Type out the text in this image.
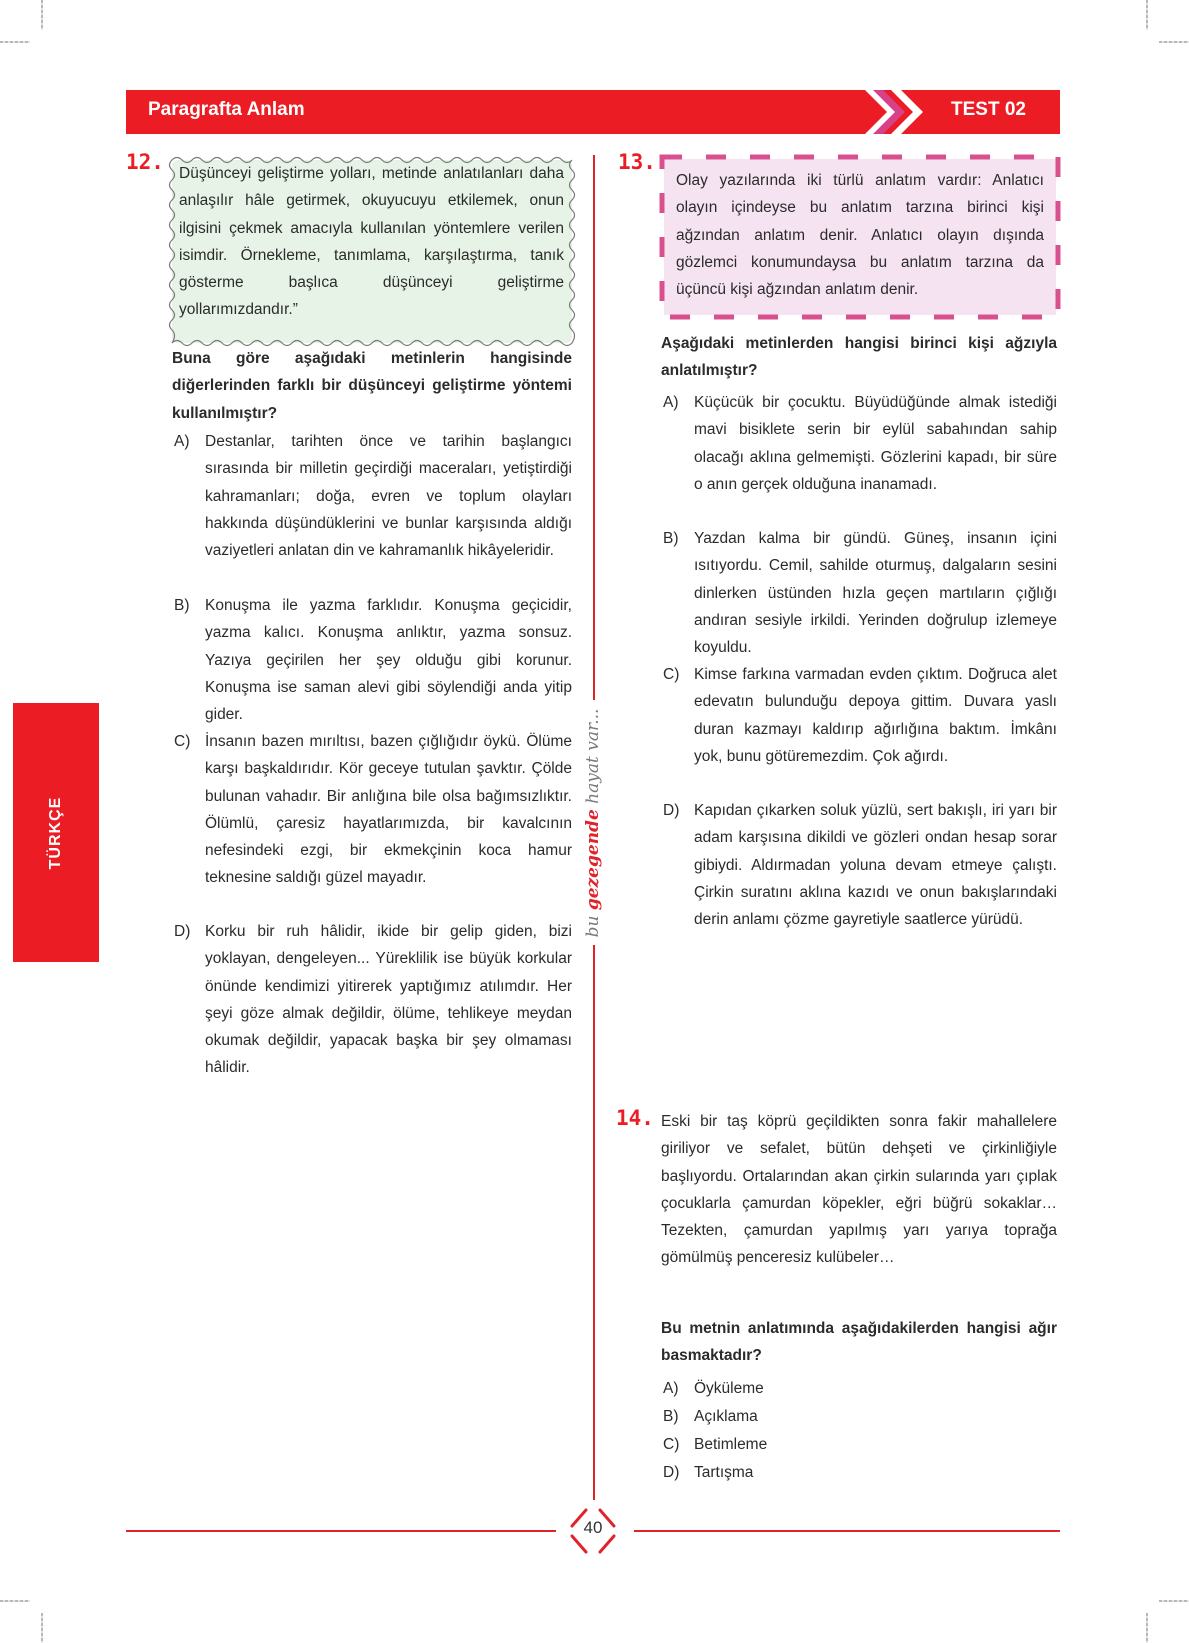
Paragrafta Anlam	TEST 02
TÜRKÇE
bu gezegende hayat var...
12. Düşünceyi geliştirme yolları, metinde anlatılanları daha anlaşılır hâle getirmek, okuyucuyu etkilemek, onun ilgisini çekmek amacıyla kullanılan yöntemlere verilen isimdir. Örnekleme, tanımlama, karşılaştırma, tanık gösterme başlıca düşünceyi geliştirme yollarımızdandır.”
Buna göre aşağıdaki metinlerin hangisinde diğerlerinden farklı bir düşünceyi geliştirme yöntemi kullanılmıştır?
A) Destanlar, tarihten önce ve tarihin başlangıcı sırasında bir milletin geçirdiği maceraları, yetiştirdiği kahramanları; doğa, evren ve toplum olayları hakkında düşündüklerini ve bunlar karşısında aldığı vaziyetleri anlatan din ve kahramanlık hikâyeleridir.
B) Konuşma ile yazma farklıdır. Konuşma geçicidir, yazma kalıcı. Konuşma anlıktır, yazma sonsuz. Yazıya geçirilen her şey olduğu gibi korunur. Konuşma ise saman alevi gibi söylendiği anda yitip gider.
C) İnsanın bazen mırıltısı, bazen çığlığıdır öykü. Ölüme karşı başkaldırıdır. Kör geceye tutulan şavktır. Çölde bulunan vahadır. Bir anlığına bile olsa bağımsızlıktır. Ölümlü, çaresiz hayatlarımızda, bir kavalcının nefesindeki ezgi, bir ekmekçinin koca hamur teknesine saldığı güzel mayadır.
D) Korku bir ruh hâlidir, ikide bir gelip giden, bizi yoklayan, dengeleyen... Yüreklilik ise büyük korkular önünde kendimizi yitirerek yaptığımız atılımdır. Her şeyi göze almak değildir, ölüme, tehlikeye meydan okumak değildir, yapacak başka bir şey olmaması hâlidir.
13.
Olay yazılarında iki türlü anlatım vardır: Anlatıcı olayın içindeyse bu anlatım tarzına birinci kişi ağzından anlatım denir. Anlatıcı olayın dışında gözlemci konumundaysa bu anlatım tarzına da üçüncü kişi ağzından anlatım denir.
Aşağıdaki metinlerden hangisi birinci kişi ağzıyla anlatılmıştır?
A) Küçücük bir çocuktu. Büyüdüğünde almak istediği mavi bisiklete serin bir eylül sabahından sahip olacağı aklına gelmemişti. Gözlerini kapadı, bir süre o anın gerçek olduğuna inanamadı.
B) Yazdan kalma bir gündü. Güneş, insanın içini ısıtıyordu. Cemil, sahilde oturmuş, dalgaların sesini dinlerken üstünden hızla geçen martıların çığlığı andıran sesiyle irkildi. Yerinden doğrulup izlemeye koyuldu.
C) Kimse farkına varmadan evden çıktım. Doğruca alet edevatın bulunduğu depoya gittim. Duvara yaslı duran kazmayı kaldırıp ağırlığına baktım. İmkânı yok, bunu götüremezdim. Çok ağırdı.
D) Kapıdan çıkarken soluk yüzlü, sert bakışlı, iri yarı bir adam karşısına dikildi ve gözleri ondan hesap sorar gibiydi. Aldırmadan yoluna devam etmeye çalıştı. Çirkin suratını aklına kazıdı ve onun bakışlarındaki derin anlamı çözme gayretiyle saatlerce yürüdü.
14. Eski bir taş köprü geçildikten sonra fakir mahallelere giriliyor ve sefalet, bütün dehşeti ve çirkinliğiyle başlıyordu. Ortalarından akan çirkin sularında yarı çıplak çocuklarla çamurdan köpekler, eğri büğrü sokaklar… Tezekten, çamurdan yapılmış yarı yarıya toprağa gömülmüş penceresiz kulübeler…
Bu metnin anlatımında aşağıdakilerden hangisi ağır basmaktadır?
A) Öyküleme
B) Açıklama
C) Betimleme
D) Tartışma
40
